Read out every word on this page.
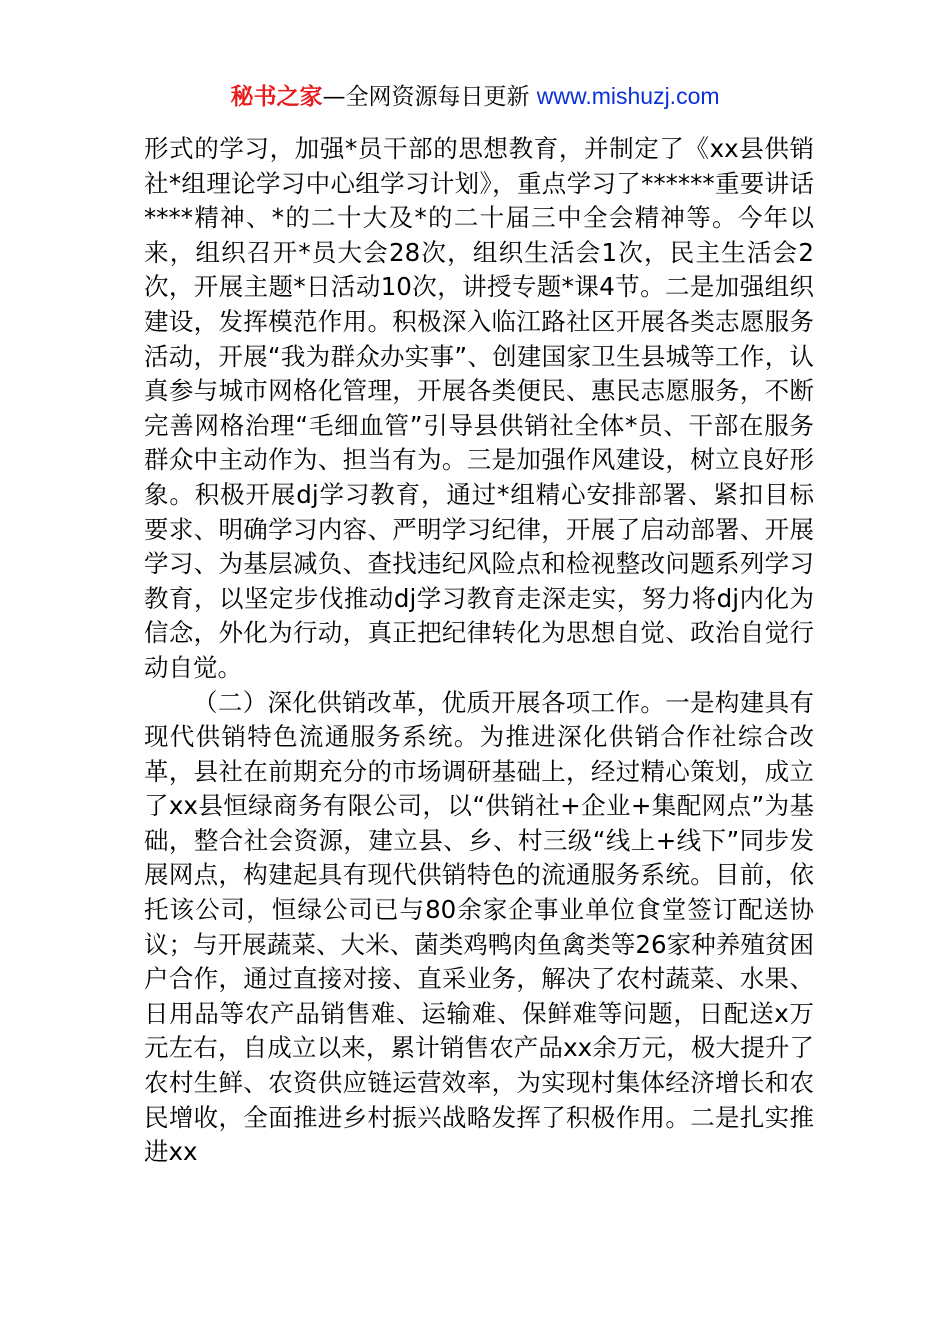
秘书之家—全网资源每日更新 www.mishuzj.com

形式的学习，加强*员干部的思想教育，并制定了《xx县供销社*组理论学习中心组学习计划》，重点学习了******重要讲话****精神、*的二十大及*的二十届三中全会精神等。今年以来，组织召开*员大会28次，组织生活会1次，民主生活会2次，开展主题*日活动10次，讲授专题*课4节。二是加强组织建设，发挥模范作用。积极深入临江路社区开展各类志愿服务活动，开展“我为群众办实事”、创建国家卫生县城等工作，认真参与城市网格化管理，开展各类便民、惠民志愿服务，不断完善网格治理“毛细血管”引导县供销社全体*员、干部在服务群众中主动作为、担当有为。三是加强作风建设，树立良好形象。积极开展dj学习教育，通过*组精心安排部署、紧扣目标要求、明确学习内容、严明学习纪律，开展了启动部署、开展学习、为基层减负、查找违纪风险点和检视整改问题系列学习教育，以坚定步伐推动dj学习教育走深走实，努力将dj内化为信念，外化为行动，真正把纪律转化为思想自觉、政治自觉行动自觉。

（二）深化供销改革，优质开展各项工作。一是构建具有现代供销特色流通服务系统。为推进深化供销合作社综合改革，县社在前期充分的市场调研基础上，经过精心策划，成立了xx县恒绿商务有限公司，以“供销社+企业+集配网点”为基础，整合社会资源，建立县、乡、村三级“线上+线下”同步发展网点，构建起具有现代供销特色的流通服务系统。目前，依托该公司，恒绿公司已与80余家企事业单位食堂签订配送协议；与开展蔬菜、大米、菌类鸡鸭肉鱼禽类等26家种养殖贫困户合作，通过直接对接、直采业务，解决了农村蔬菜、水果、日用品等农产品销售难、运输难、保鲜难等问题，日配送x万元左右，自成立以来，累计销售农产品xx余万元，极大提升了农村生鲜、农资供应链运营效率，为实现村集体经济增长和农民增收，全面推进乡村振兴战略发挥了积极作用。二是扎实推进xx
